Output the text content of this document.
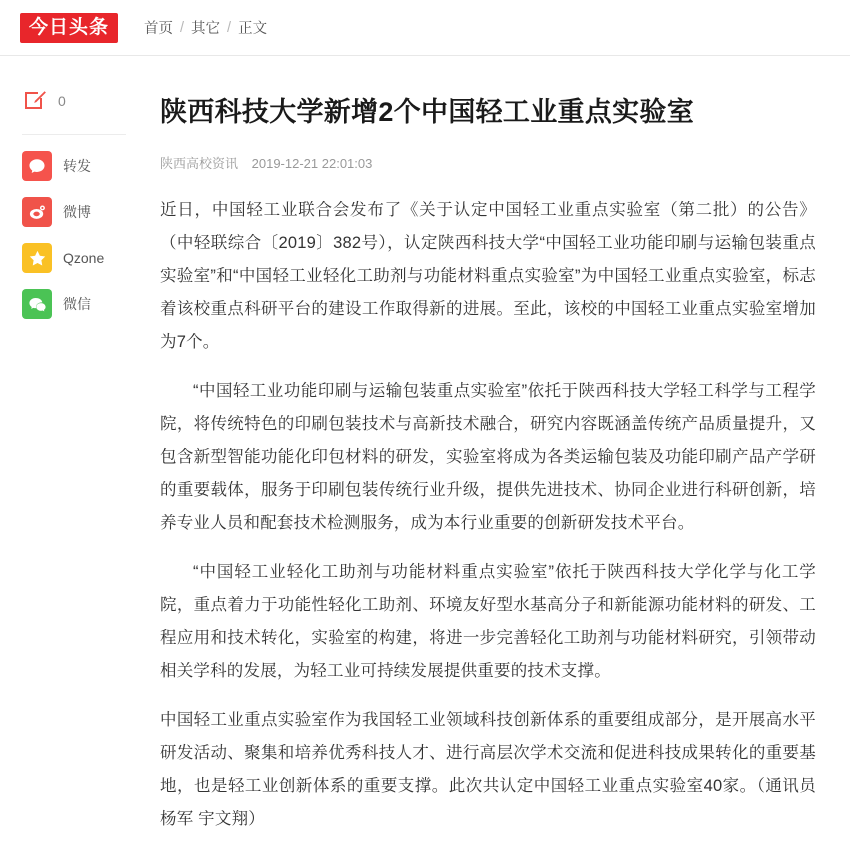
今日头条	首页 / 其它 / 正文
0
转发
微博
Qzone
微信
陕西科技大学新增2个中国轻工业重点实验室
陕西高校资讯 2019-12-21 22:01:03

近日，中国轻工业联合会发布了《关于认定中国轻工业重点实验室（第二批）的公告》（中轻联综合〔2019〕382号），认定陕西科技大学“中国轻工业功能印刷与运输包装重点实验室”和“中国轻工业轻化工助剂与功能材料重点实验室”为中国轻工业重点实验室，标志着该校重点科研平台的建设工作取得新的进展。至此，该校的中国轻工业重点实验室增加为7个。

“中国轻工业功能印刷与运输包装重点实验室”依托于陕西科技大学轻工科学与工程学院，将传统特色的印刷包装技术与高新技术融合，研究内容既涵盖传统产品质量提升，又包含新型智能功能化印包材料的研发，实验室将成为各类运输包装及功能印刷产品产学研的重要载体，服务于印刷包装传统行业升级，提供先进技术、协同企业进行科研创新，培养专业人员和配套技术检测服务，成为本行业重要的创新研发技术平台。

“中国轻工业轻化工助剂与功能材料重点实验室”依托于陕西科技大学化学与化工学院，重点着力于功能性轻化工助剂、环境友好型水基高分子和新能源功能材料的研发、工程应用和技术转化，实验室的构建，将进一步完善轻化工助剂与功能材料研究，引领带动相关学科的发展，为轻工业可持续发展提供重要的技术支撑。

中国轻工业重点实验室作为我国轻工业领域科技创新体系的重要组成部分，是开展高水平研发活动、聚集和培养优秀科技人才、进行高层次学术交流和促进科技成果转化的重要基地，也是轻工业创新体系的重要支撑。此次共认定中国轻工业重点实验室40家。（通讯员 杨军 宇文翔）
